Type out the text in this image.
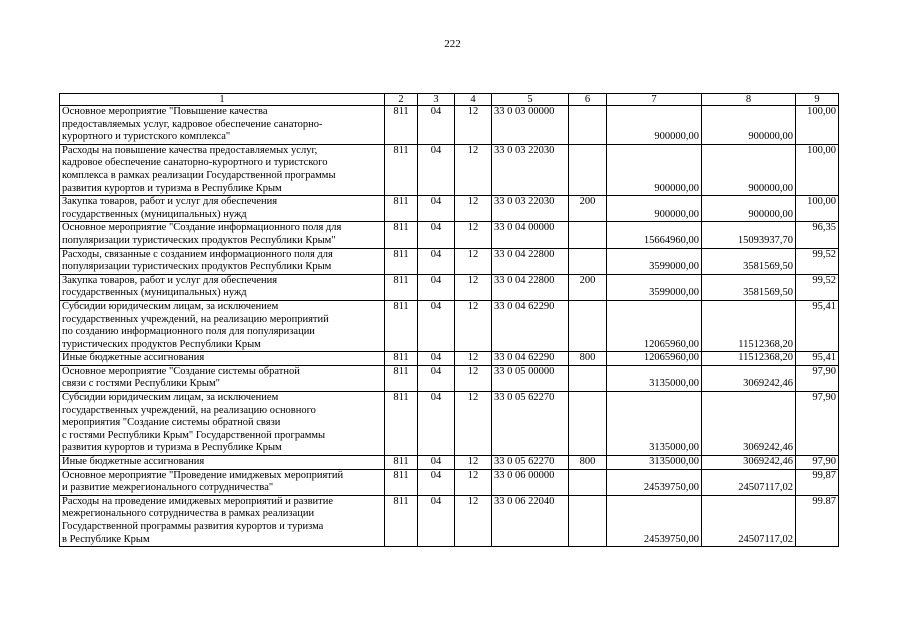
222
1	2	3	4	5	6	7	8	9
Основное мероприятие "Повышение качества
предоставляемых услуг, кадровое обеспечение санаторно-
курортного и туристского комплекса"	811	04	12	33 0 03 00000		900000,00	900000,00	100,00
Расходы на повышение качества предоставляемых услуг,
кадровое обеспечение санаторно-курортного и туристского
комплекса в рамках реализации Государственной программы
развития курортов и туризма в Республике Крым	811	04	12	33 0 03 22030		900000,00	900000,00	100,00
Закупка товаров, работ и услуг для обеспечения
государственных (муниципальных) нужд	811	04	12	33 0 03 22030	200	900000,00	900000,00	100,00
Основное мероприятие "Создание информационного поля для
популяризации туристических продуктов Республики Крым"	811	04	12	33 0 04 00000		15664960,00	15093937,70	96,35
Расходы, связанные с созданием информационного поля для
популяризации туристических продуктов Республики Крым	811	04	12	33 0 04 22800		3599000,00	3581569,50	99,52
Закупка товаров, работ и услуг для обеспечения
государственных (муниципальных) нужд	811	04	12	33 0 04 22800	200	3599000,00	3581569,50	99,52
Субсидии юридическим лицам, за исключением
государственных учреждений, на реализацию мероприятий
по созданию информационного поля для популяризации
туристических продуктов Республики Крым	811	04	12	33 0 04 62290		12065960,00	11512368,20	95,41
Иные бюджетные ассигнования	811	04	12	33 0 04 62290	800	12065960,00	11512368,20	95,41
Основное мероприятие "Создание системы обратной
связи с гостями Республики Крым"	811	04	12	33 0 05 00000		3135000,00	3069242,46	97,90
Субсидии юридическим лицам, за исключением
государственных учреждений, на реализацию основного
мероприятия "Создание системы обратной связи
с гостями Республики Крым" Государственной программы
развития курортов и туризма в Республике Крым	811	04	12	33 0 05 62270		3135000,00	3069242,46	97,90
Иные бюджетные ассигнования	811	04	12	33 0 05 62270	800	3135000,00	3069242,46	97,90
Основное мероприятие "Проведение имиджевых мероприятий
и развитие межрегионального сотрудничества"	811	04	12	33 0 06 00000		24539750,00	24507117,02	99,87
Расходы на проведение имиджевых мероприятий и развитие
межрегионального сотрудничества в рамках реализации
Государственной программы развития курортов и туризма
в Республике Крым	811	04	12	33 0 06 22040		24539750,00	24507117,02	99.87
